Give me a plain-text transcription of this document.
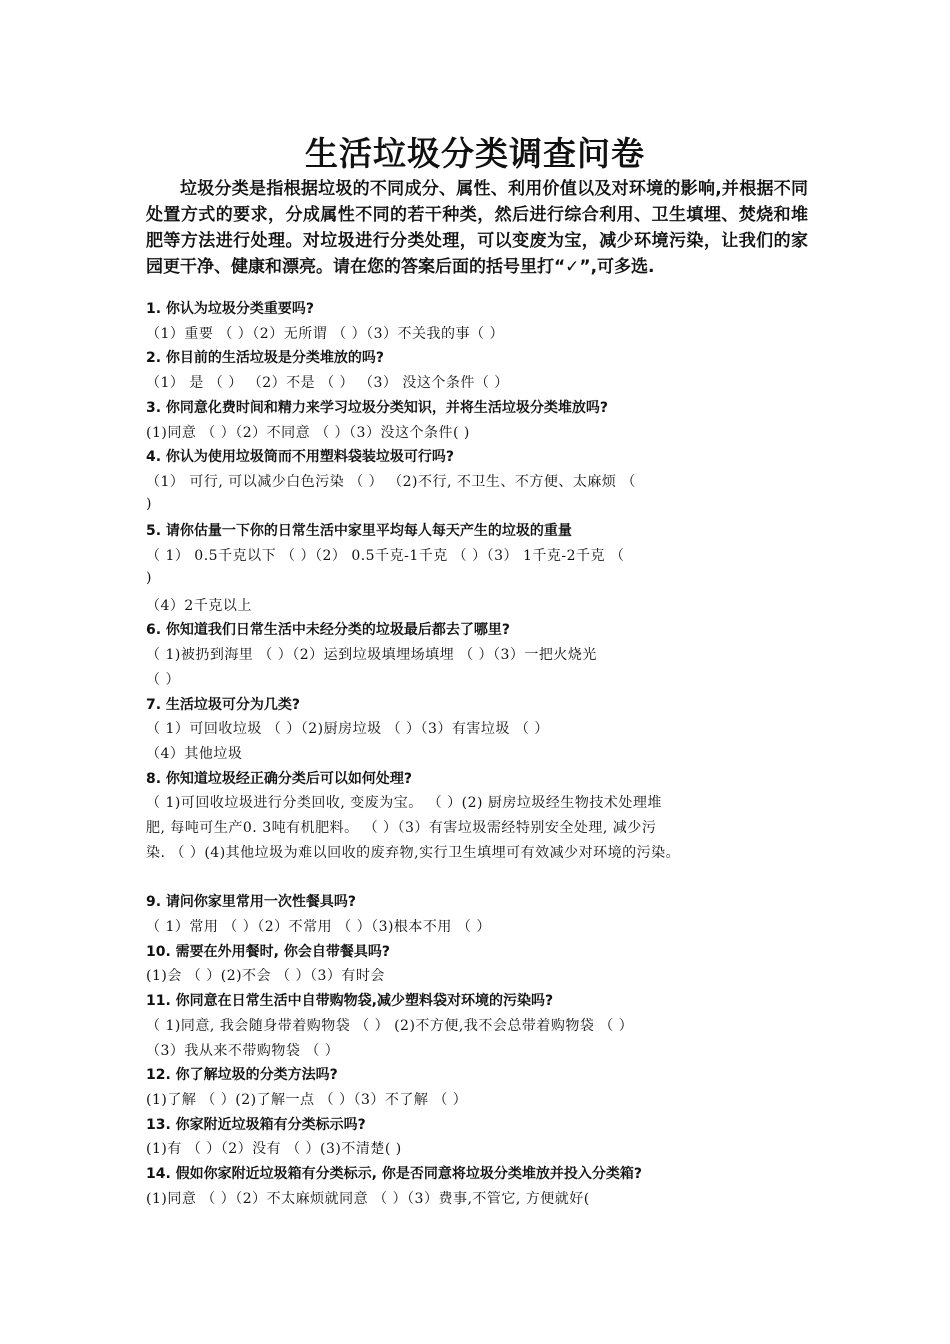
生活垃圾分类调查问卷
垃圾分类是指根据垃圾的不同成分、属性、利用价值以及对环境的影响,并根据不同处置方式的要求，分成属性不同的若干种类，然后进行综合利用、卫生填埋、焚烧和堆肥等方法进行处理。对垃圾进行分类处理，可以变废为宝，减少环境污染，让我们的家园更干净、健康和漂亮。请在您的答案后面的括号里打“✓”,可多选.
1. 你认为垃圾分类重要吗?
（1）重要 （ ）（2）无所谓 （ ）（3）不关我的事（ ）
2. 你目前的生活垃圾是分类堆放的吗?
（1） 是 （ ） （2）不是 （ ） （3） 没这个条件（ ）
3. 你同意化费时间和精力来学习垃圾分类知识，并将生活垃圾分类堆放吗?
(1)同意 （ ）（2）不同意 （ ）（3）没这个条件( )
4. 你认为使用垃圾筒而不用塑料袋装垃圾可行吗?
（1） 可行, 可以减少白色污染 （ ） （2)不行, 不卫生、不方便、太麻烦 （
)
5. 请你估量一下你的日常生活中家里平均每人每天产生的垃圾的重量
（ 1） 0.5千克以下 （ ）（2） 0.5千克-1千克 （ ）（3） 1千克-2千克 （
)
（4）2千克以上
6. 你知道我们日常生活中未经分类的垃圾最后都去了哪里?
（ 1)被扔到海里 （ ）（2）运到垃圾填埋场填埋 （ ）（3）一把火烧光
（ ）
7. 生活垃圾可分为几类?
（ 1）可回收垃圾 （ ）（2)厨房垃圾 （ ）（3）有害垃圾 （ ）
（4）其他垃圾
8. 你知道垃圾经正确分类后可以如何处理?
（ 1)可回收垃圾进行分类回收, 变废为宝。 （ ）(2) 厨房垃圾经生物技术处理堆
肥, 每吨可生产0. 3吨有机肥料。 （ ）（3）有害垃圾需经特别安全处理, 减少污
染. （ ）(4)其他垃圾为难以回收的废弃物,实行卫生填埋可有效减少对环境的污染。
9. 请问你家里常用一次性餐具吗?
（ 1）常用 （ ）（2）不常用 （ ）（3)根本不用 （ ）
10. 需要在外用餐时, 你会自带餐具吗?
(1)会 （ ）(2)不会 （ ）（3）有时会
11. 你同意在日常生活中自带购物袋,减少塑料袋对环境的污染吗?
（ 1)同意, 我会随身带着购物袋 （ ） (2)不方便,我不会总带着购物袋 （ ）
（3）我从来不带购物袋 （ ）
12. 你了解垃圾的分类方法吗?
(1)了解 （ ）(2)了解一点 （ ）（3）不了解 （ ）
13. 你家附近垃圾箱有分类标示吗?
(1)有 （ ）（2）没有 （ ）(3)不清楚( )
14. 假如你家附近垃圾箱有分类标示, 你是否同意将垃圾分类堆放并投入分类箱?
(1)同意 （ ）（2）不太麻烦就同意 （ ）（3）费事,不管它, 方便就好(
